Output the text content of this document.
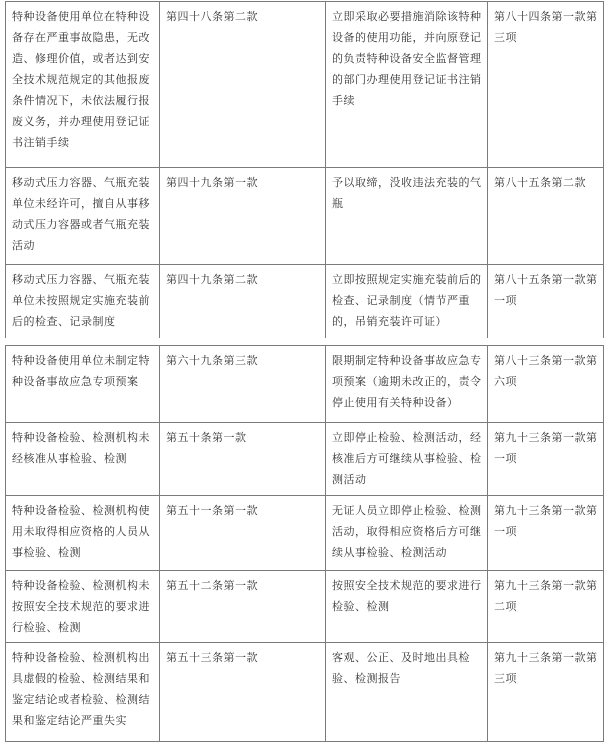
特种设备使用单位在特种设备存在严重事故隐患，无改造、修理价值，或者达到安全技术规范规定的其他报废条件情况下，未依法履行报废义务，并办理使用登记证书注销手续	第四十八条第二款	立即采取必要措施消除该特种设备的使用功能，并向原登记的负责特种设备安全监督管理的部门办理使用登记证书注销手续	第八十四条第一款第三项
移动式压力容器、气瓶充装单位未经许可，擅自从事移动式压力容器或者气瓶充装活动	第四十九条第一款	予以取缔，没收违法充装的气瓶	第八十五条第二款
移动式压力容器、气瓶充装单位未按照规定实施充装前后的检查、记录制度	第四十九条第二款	立即按照规定实施充装前后的检查、记录制度（情节严重的，吊销充装许可证）	第八十五条第一款第一项
特种设备使用单位未制定特种设备事故应急专项预案	第六十九条第三款	限期制定特种设备事故应急专项预案（逾期未改正的，责令停止使用有关特种设备）	第八十三条第一款第六项
特种设备检验、检测机构未经核准从事检验、检测	第五十条第一款	立即停止检验、检测活动，经核准后方可继续从事检验、检测活动	第九十三条第一款第一项
特种设备检验、检测机构使用未取得相应资格的人员从事检验、检测	第五十一条第一款	无证人员立即停止检验、检测活动，取得相应资格后方可继续从事检验、检测活动	第九十三条第一款第一项
特种设备检验、检测机构未按照安全技术规范的要求进行检验、检测	第五十二条第一款	按照安全技术规范的要求进行检验、检测	第九十三条第一款第二项
特种设备检验、检测机构出具虚假的检验、检测结果和鉴定结论或者检验、检测结果和鉴定结论严重失实	第五十三条第一款	客观、公正、及时地出具检验、检测报告	第九十三条第一款第三项
